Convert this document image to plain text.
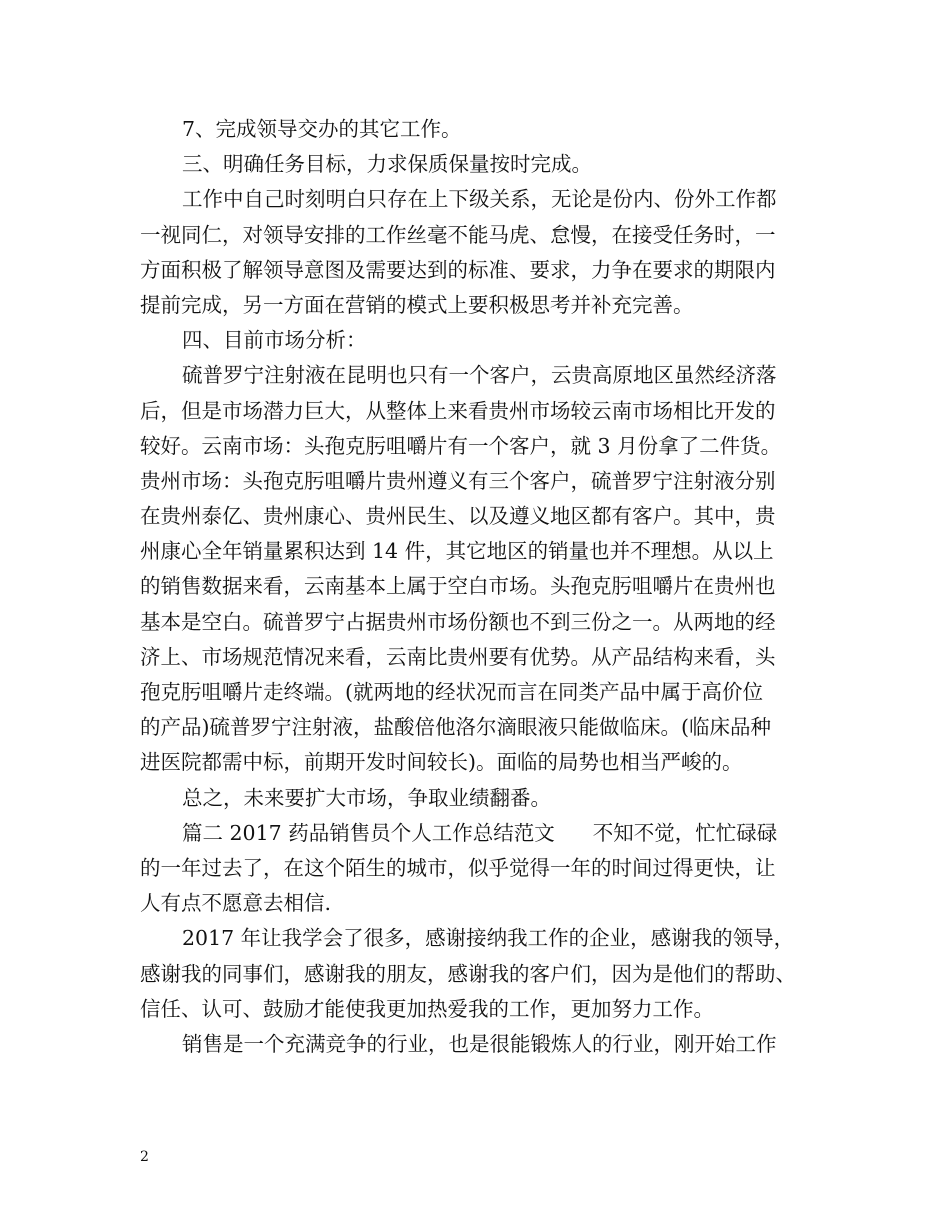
7、完成领导交办的其它工作。
三、明确任务目标，力求保质保量按时完成。
工作中自己时刻明白只存在上下级关系，无论是份内、份外工作都
一视同仁，对领导安排的工作丝毫不能马虎、怠慢，在接受任务时，一
方面积极了解领导意图及需要达到的标准、要求，力争在要求的期限内
提前完成，另一方面在营销的模式上要积极思考并补充完善。
四、目前市场分析：
硫普罗宁注射液在昆明也只有一个客户，云贵高原地区虽然经济落
后，但是市场潜力巨大，从整体上来看贵州市场较云南市场相比开发的
较好。云南市场：头孢克肟咀嚼片有一个客户，就 3 月份拿了二件货。
贵州市场：头孢克肟咀嚼片贵州遵义有三个客户，硫普罗宁注射液分别
在贵州泰亿、贵州康心、贵州民生、以及遵义地区都有客户。其中，贵
州康心全年销量累积达到 14 件，其它地区的销量也并不理想。从以上
的销售数据来看，云南基本上属于空白市场。头孢克肟咀嚼片在贵州也
基本是空白。硫普罗宁占据贵州市场份额也不到三份之一。从两地的经
济上、市场规范情况来看，云南比贵州要有优势。从产品结构来看，头
孢克肟咀嚼片走终端。(就两地的经状况而言在同类产品中属于高价位
的产品)硫普罗宁注射液，盐酸倍他洛尔滴眼液只能做临床。(临床品种
进医院都需中标，前期开发时间较长)。面临的局势也相当严峻的。
总之，未来要扩大市场，争取业绩翻番。
篇二 2017 药品销售员个人工作总结范文 不知不觉，忙忙碌碌
的一年过去了，在这个陌生的城市，似乎觉得一年的时间过得更快，让
人有点不愿意去相信.
2017 年让我学会了很多，感谢接纳我工作的企业，感谢我的领导，
感谢我的同事们，感谢我的朋友，感谢我的客户们，因为是他们的帮助、
信任、认可、鼓励才能使我更加热爱我的工作，更加努力工作。
销售是一个充满竞争的行业，也是很能锻炼人的行业，刚开始工作
2
